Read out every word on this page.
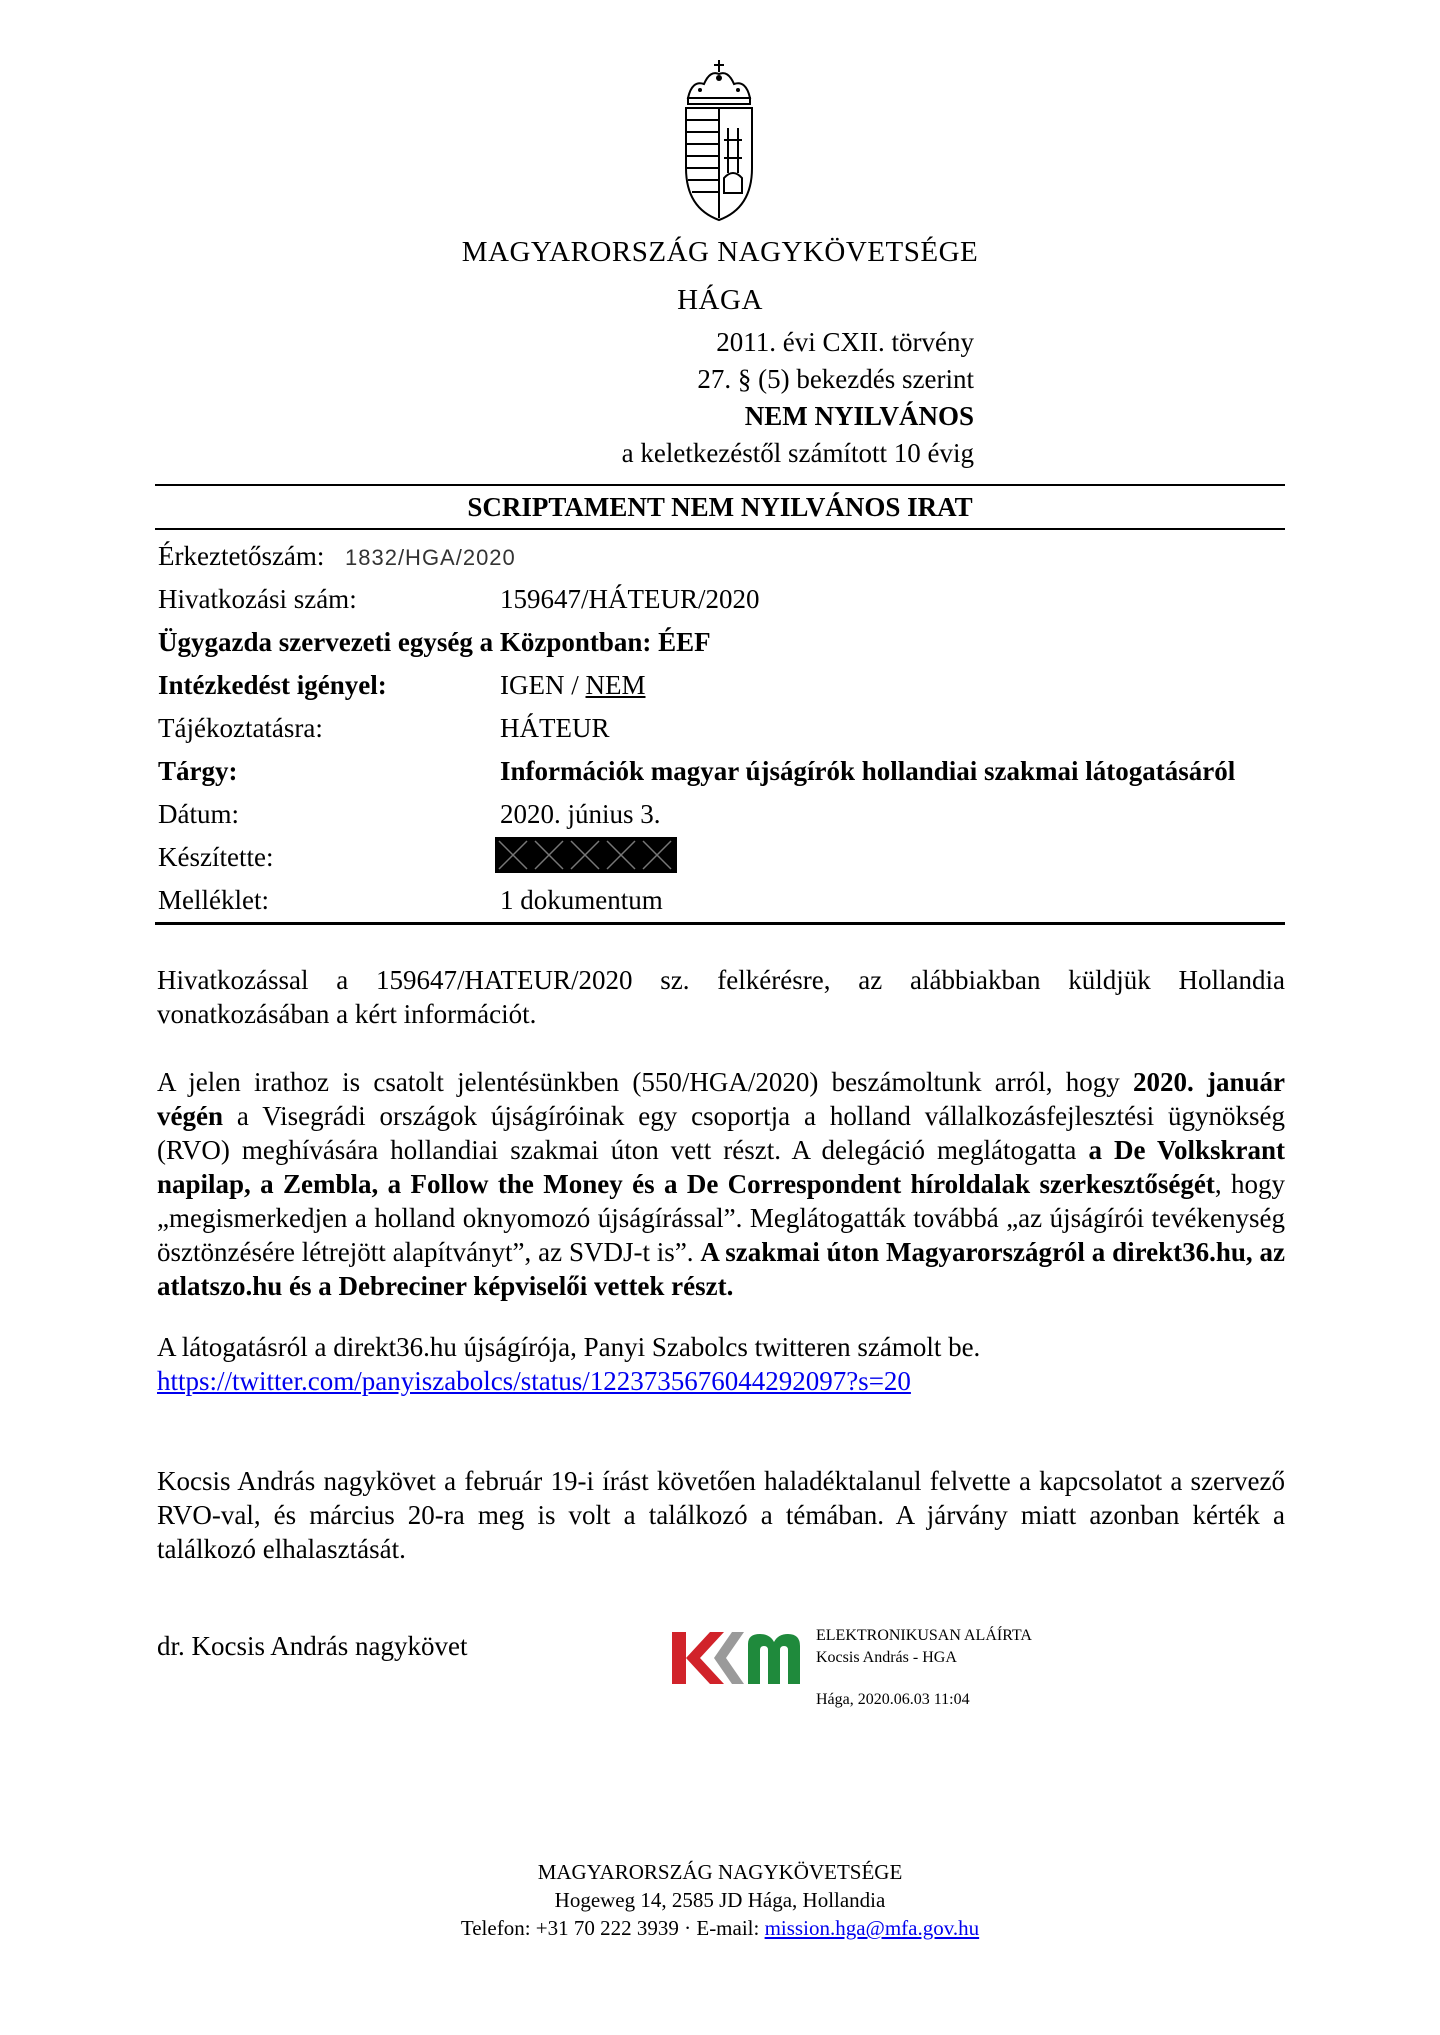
MAGYARORSZÁG NAGYKÖVETSÉGE
HÁGA
2011. évi CXII. törvény
27. § (5) bekezdés szerint
NEM NYILVÁNOS
a keletkezéstől számított 10 évig
SCRIPTAMENT NEM NYILVÁNOS IRAT
Érkeztetőszám: 1832/HGA/2020
Hivatkozási szám:	159647/HÁTEUR/2020
Ügygazda szervezeti egység a Központban: ÉEF
Intézkedést igényel:	IGEN / NEM
Tájékoztatásra:	HÁTEUR
Tárgy:	Információk magyar újságírók hollandiai szakmai látogatásáról
Dátum:	2020. június 3.
Készítette:
Melléklet:	1 dokumentum

Hivatkozással a 159647/HATEUR/2020 sz. felkérésre, az alábbiakban küldjük Hollandia vonatkozásában a kért információt.

A jelen irathoz is csatolt jelentésünkben (550/HGA/2020) beszámoltunk arról, hogy 2020. január végén a Visegrádi országok újságíróinak egy csoportja a holland vállalkozásfejlesztési ügynökség (RVO) meghívására hollandiai szakmai úton vett részt. A delegáció meglátogatta a De Volkskrant napilap, a Zembla, a Follow the Money és a De Correspondent híroldalak szerkesztőségét, hogy „megismerkedjen a holland oknyomozó újságírással”. Meglátogatták továbbá „az újságírói tevékenység ösztönzésére létrejött alapítványt”, az SVDJ-t is”. A szakmai úton Magyarországról a direkt36.hu, az atlatszo.hu és a Debreciner képviselői vettek részt.

A látogatásról a direkt36.hu újságírója, Panyi Szabolcs twitteren számolt be.

https://twitter.com/panyiszabolcs/status/1223735676044292097?s=20

Kocsis András nagykövet a február 19-i írást követően haladéktalanul felvette a kapcsolatot a szervező RVO-val, és március 20-ra meg is volt a találkozó a témában. A járvány miatt azonban kérték a találkozó elhalasztását.

dr. Kocsis András nagykövet	ELEKTRONIKUSAN ALÁÍRTA
Kocsis András - HGA
Hága, 2020.06.03 11:04
MAGYARORSZÁG NAGYKÖVETSÉGE
Hogeweg 14, 2585 JD Hága, Hollandia
Telefon: +31 70 222 3939 · E-mail: mission.hga@mfa.gov.hu
